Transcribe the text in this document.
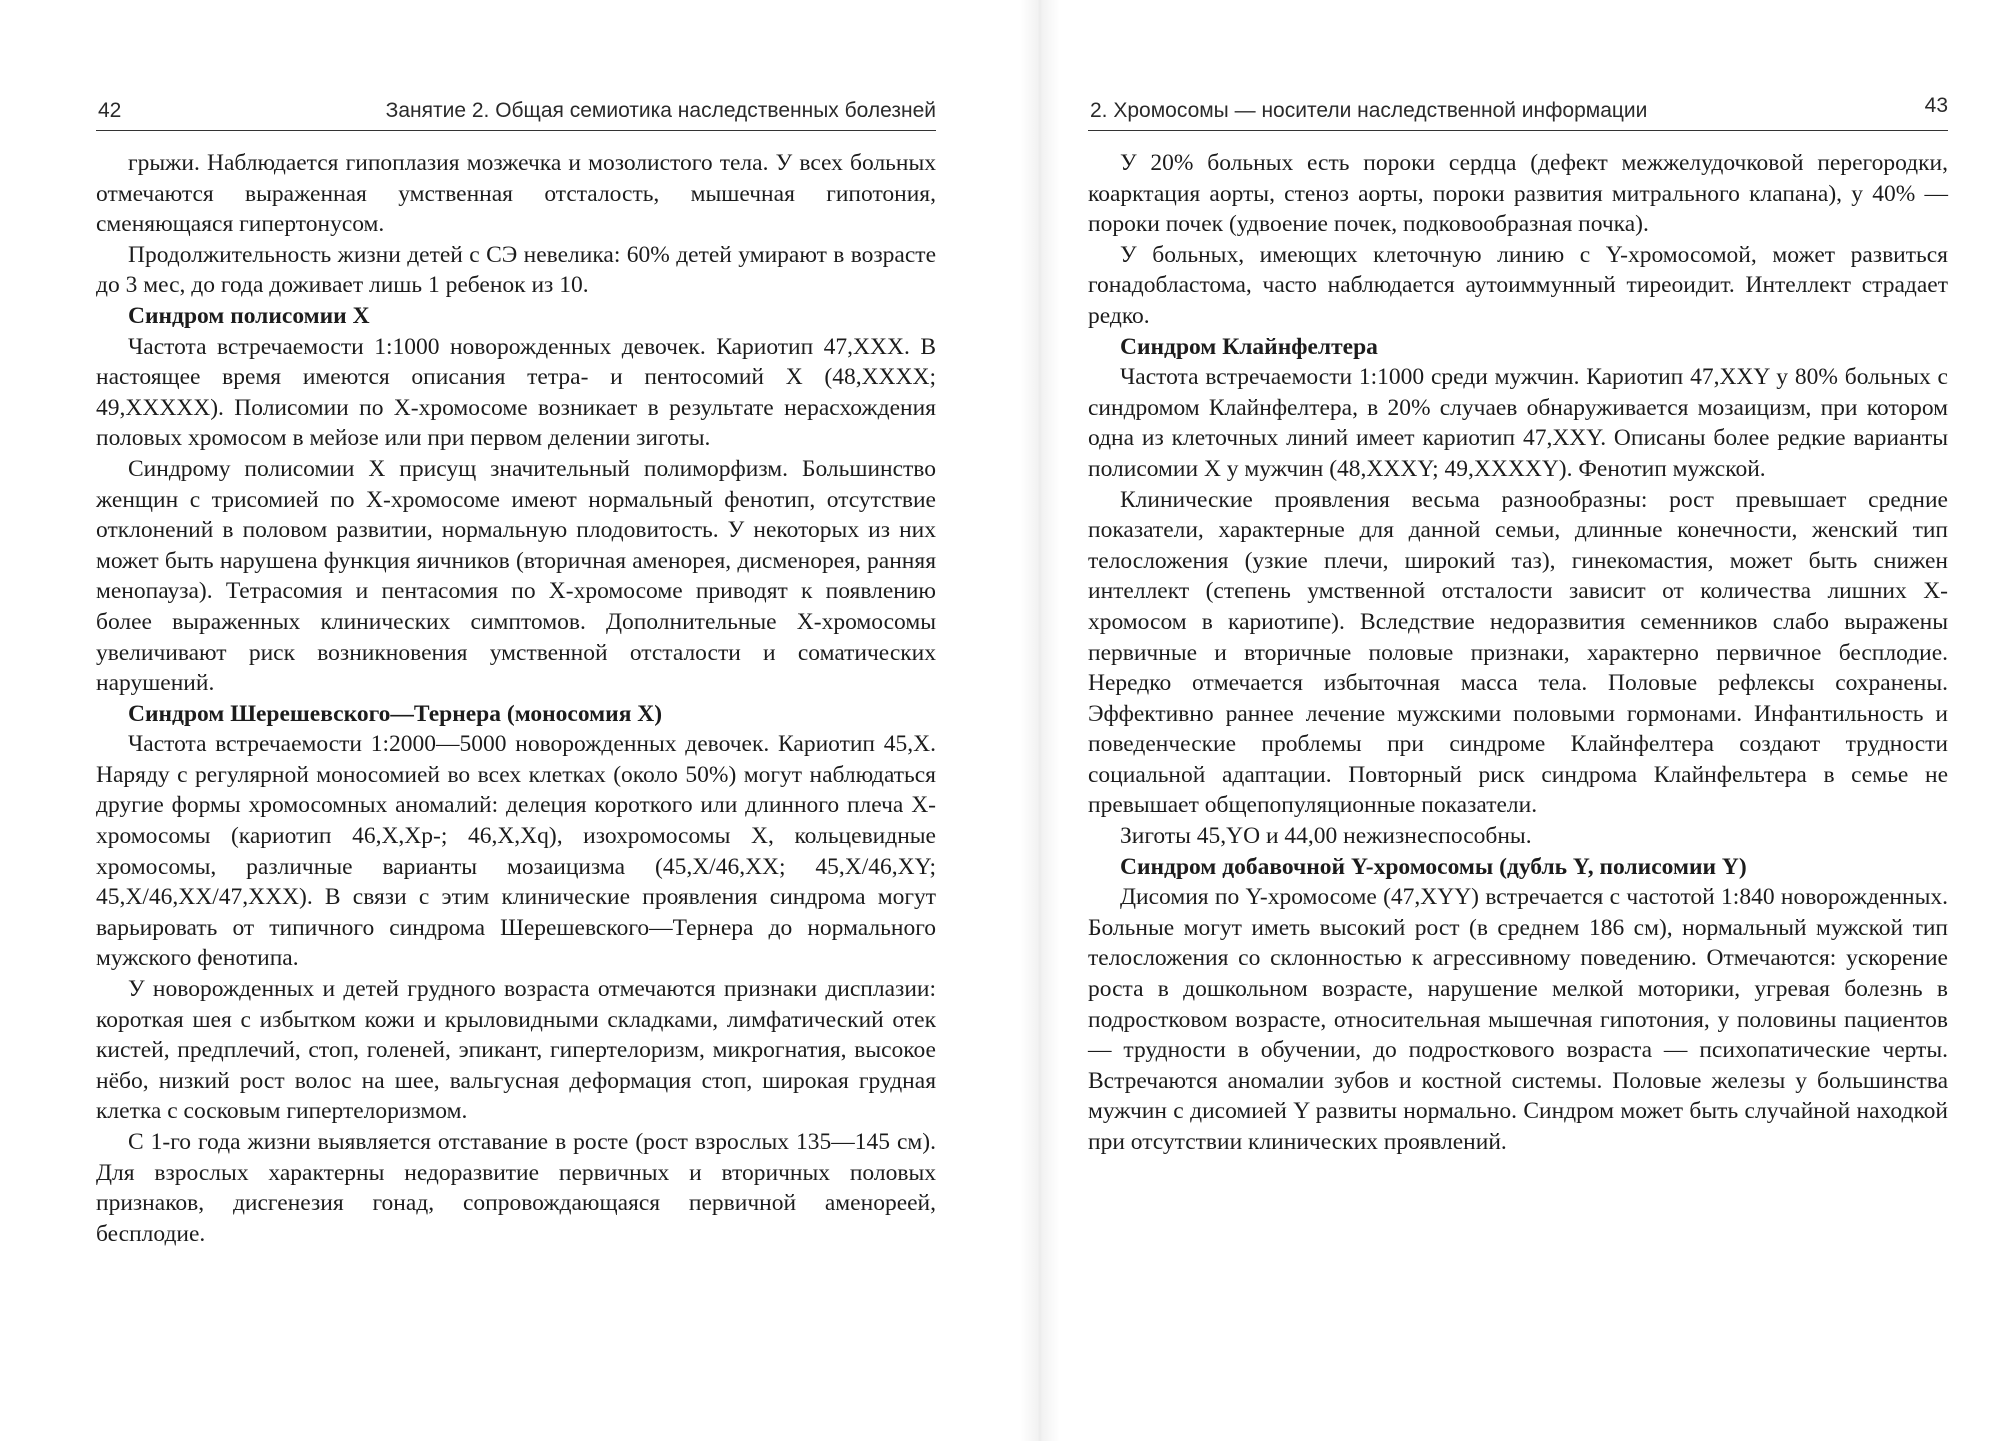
42	Занятие 2. Общая семиотика наследственных болезней

грыжи. Наблюдается гипоплазия мозжечка и мозолистого тела. У всех больных отмечаются выраженная умственная отсталость, мышечная гипотония, сменяющаяся гипертонусом.

Продолжительность жизни детей с СЭ невелика: 60% детей умирают в возрасте до 3 мес, до года доживает лишь 1 ребенок из 10.

Синдром полисомии X

Частота встречаемости 1:1000 новорожденных девочек. Кариотип 47,XXX. В настоящее время имеются описания тетра- и пентосомий X (48,XXXX; 49,XXXXX). Полисомии по X-хромосоме возникает в результате нерасхождения половых хромосом в мейозе или при первом делении зиготы.

Синдрому полисомии X присущ значительный полиморфизм. Большинство женщин с трисомией по X-хромосоме имеют нормальный фенотип, отсутствие отклонений в половом развитии, нормальную плодовитость. У некоторых из них может быть нарушена функция яичников (вторичная аменорея, дисменорея, ранняя менопауза). Тетрасомия и пентасомия по X-хромосоме приводят к появлению более выраженных клинических симптомов. Дополнительные X-хромосомы увеличивают риск возникновения умственной отсталости и соматических нарушений.

Синдром Шерешевского—Тернера (моносомия X)

Частота встречаемости 1:2000—5000 новорожденных девочек. Кариотип 45,X. Наряду с регулярной моносомией во всех клетках (около 50%) могут наблюдаться другие формы хромосомных аномалий: делеция короткого или длинного плеча X-хромосомы (кариотип 46,X,Xp-; 46,X,Xq), изохромосомы X, кольцевидные хромосомы, различные варианты мозаицизма (45,X/46,XX; 45,X/46,XY; 45,X/46,XX/47,XXX). В связи с этим клинические проявления синдрома могут варьировать от типичного синдрома Шерешевского—Тернера до нормального мужского фенотипа.

У новорожденных и детей грудного возраста отмечаются признаки дисплазии: короткая шея с избытком кожи и крыловидными складками, лимфатический отек кистей, предплечий, стоп, голеней, эпикант, гипертелоризм, микрогнатия, высокое нёбо, низкий рост волос на шее, вальгусная деформация стоп, широкая грудная клетка с сосковым гипертелоризмом.

С 1-го года жизни выявляется отставание в росте (рост взрослых 135—145 см). Для взрослых характерны недоразвитие первичных и вторичных половых признаков, дисгенезия гонад, сопровождающаяся первичной аменореей, бесплодие.

2. Хромосомы — носители наследственной информации	43

У 20% больных есть пороки сердца (дефект межжелудочковой перегородки, коарктация аорты, стеноз аорты, пороки развития митрального клапана), у 40% — пороки почек (удвоение почек, подковообразная почка).

У больных, имеющих клеточную линию с Y-хромосомой, может развиться гонадобластома, часто наблюдается аутоиммунный тиреоидит. Интеллект страдает редко.

Синдром Клайнфелтера

Частота встречаемости 1:1000 среди мужчин. Кариотип 47,XXY у 80% больных с синдромом Клайнфелтера, в 20% случаев обнаруживается мозаицизм, при котором одна из клеточных линий имеет кариотип 47,XXY. Описаны более редкие варианты полисомии X у мужчин (48,XXXY; 49,XXXXY). Фенотип мужской.

Клинические проявления весьма разнообразны: рост превышает средние показатели, характерные для данной семьи, длинные конечности, женский тип телосложения (узкие плечи, широкий таз), гинекомастия, может быть снижен интеллект (степень умственной отсталости зависит от количества лишних X-хромосом в кариотипе). Вследствие недоразвития семенников слабо выражены первичные и вторичные половые признаки, характерно первичное бесплодие. Нередко отмечается избыточная масса тела. Половые рефлексы сохранены. Эффективно раннее лечение мужскими половыми гормонами. Инфантильность и поведенческие проблемы при синдроме Клайнфелтера создают трудности социальной адаптации. Повторный риск синдрома Клайнфельтера в семье не превышает общепопуляционные показатели.

Зиготы 45,YO и 44,00 нежизнеспособны.

Синдром добавочной Y-хромосомы (дубль Y, полисомии Y)

Дисомия по Y-хромосоме (47,XYY) встречается с частотой 1:840 новорожденных. Больные могут иметь высокий рост (в среднем 186 см), нормальный мужской тип телосложения со склонностью к агрессивному поведению. Отмечаются: ускорение роста в дошкольном возрасте, нарушение мелкой моторики, угревая болезнь в подростковом возрасте, относительная мышечная гипотония, у половины пациентов — трудности в обучении, до подросткового возраста — психопатические черты. Встречаются аномалии зубов и костной системы. Половые железы у большинства мужчин с дисомией Y развиты нормально. Синдром может быть случайной находкой при отсутствии клинических проявлений.
